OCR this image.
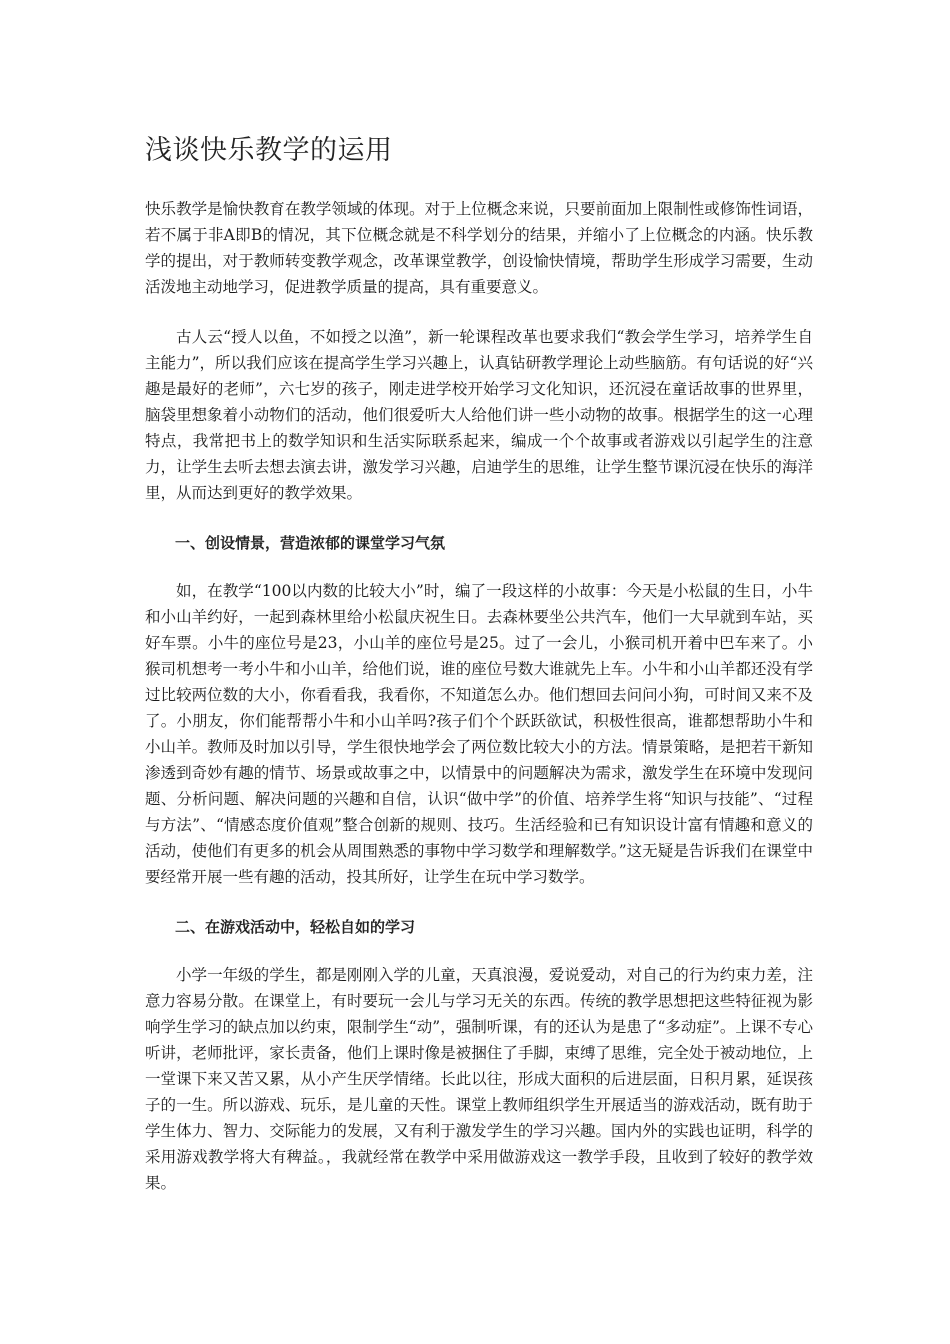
浅谈快乐教学的运用

快乐教学是愉快教育在教学领域的体现。对于上位概念来说，只要前面加上限制性或修饰性词语，若不属于非A即B的情况，其下位概念就是不科学划分的结果，并缩小了上位概念的内涵。快乐教学的提出，对于教师转变教学观念，改革课堂教学，创设愉快情境，帮助学生形成学习需要，生动活泼地主动地学习，促进教学质量的提高，具有重要意义。

古人云“授人以鱼，不如授之以渔”，新一轮课程改革也要求我们“教会学生学习，培养学生自主能力”，所以我们应该在提高学生学习兴趣上，认真钻研教学理论上动些脑筋。有句话说的好“兴趣是最好的老师”，六七岁的孩子，刚走进学校开始学习文化知识，还沉浸在童话故事的世界里，脑袋里想象着小动物们的活动，他们很爱听大人给他们讲一些小动物的故事。根据学生的这一心理特点，我常把书上的数学知识和生活实际联系起来，编成一个个故事或者游戏以引起学生的注意力，让学生去听去想去演去讲，激发学习兴趣，启迪学生的思维，让学生整节课沉浸在快乐的海洋里，从而达到更好的教学效果。

一、创设情景，营造浓郁的课堂学习气氛

如，在教学“100以内数的比较大小”时，编了一段这样的小故事：今天是小松鼠的生日，小牛和小山羊约好，一起到森林里给小松鼠庆祝生日。去森林要坐公共汽车，他们一大早就到车站，买好车票。小牛的座位号是23，小山羊的座位号是25。过了一会儿，小猴司机开着中巴车来了。小猴司机想考一考小牛和小山羊，给他们说，谁的座位号数大谁就先上车。小牛和小山羊都还没有学过比较两位数的大小，你看看我，我看你，不知道怎么办。他们想回去问问小狗，可时间又来不及了。小朋友，你们能帮帮小牛和小山羊吗?孩子们个个跃跃欲试，积极性很高，谁都想帮助小牛和小山羊。教师及时加以引导，学生很快地学会了两位数比较大小的方法。情景策略，是把若干新知渗透到奇妙有趣的情节、场景或故事之中，以情景中的问题解决为需求，激发学生在环境中发现问题、分析问题、解决问题的兴趣和自信，认识“做中学”的价值、培养学生将“知识与技能”、“过程与方法”、“情感态度价值观”整合创新的规则、技巧。生活经验和已有知识设计富有情趣和意义的活动，使他们有更多的机会从周围熟悉的事物中学习数学和理解数学。”这无疑是告诉我们在课堂中要经常开展一些有趣的活动，投其所好，让学生在玩中学习数学。

二、在游戏活动中，轻松自如的学习

小学一年级的学生，都是刚刚入学的儿童，天真浪漫，爱说爱动，对自己的行为约束力差，注意力容易分散。在课堂上，有时要玩一会儿与学习无关的东西。传统的教学思想把这些特征视为影响学生学习的缺点加以约束，限制学生“动”，强制听课，有的还认为是患了“多动症”。上课不专心听讲，老师批评，家长责备，他们上课时像是被捆住了手脚，束缚了思维，完全处于被动地位，上一堂课下来又苦又累，从小产生厌学情绪。长此以往，形成大面积的后进层面，日积月累，延误孩子的一生。所以游戏、玩乐，是儿童的天性。课堂上教师组织学生开展适当的游戏活动，既有助于学生体力、智力、交际能力的发展，又有利于激发学生的学习兴趣。国内外的实践也证明，科学的采用游戏教学将大有稗益。，我就经常在教学中采用做游戏这一教学手段，且收到了较好的教学效果。
